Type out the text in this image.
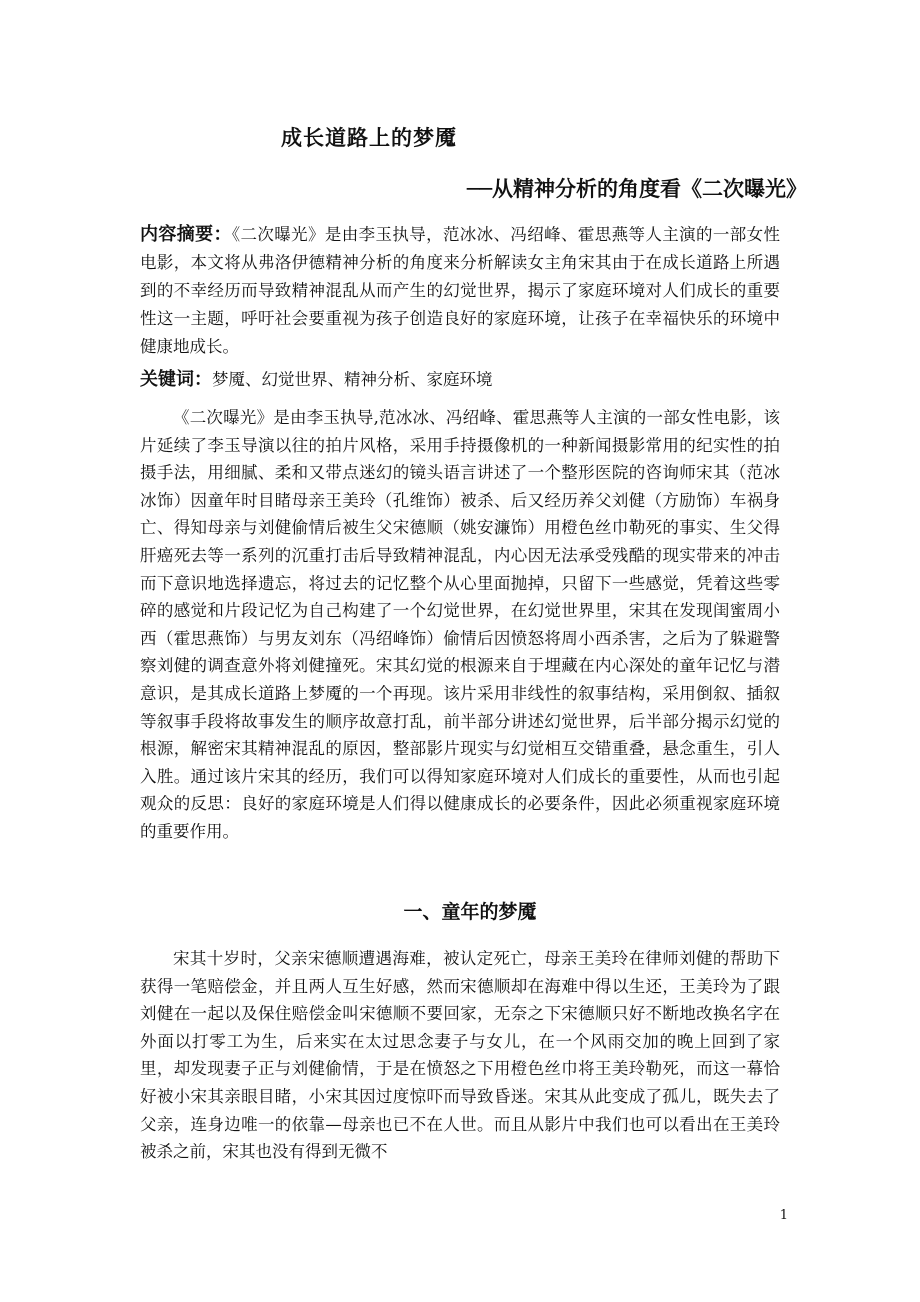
成长道路上的梦魇
──从精神分析的角度看《二次曝光》

内容摘要：《二次曝光》是由李玉执导，范冰冰、冯绍峰、霍思燕等人主演的一部女性电影，本文将从弗洛伊德精神分析的角度来分析解读女主角宋其由于在成长道路上所遇到的不幸经历而导致精神混乱从而产生的幻觉世界，揭示了家庭环境对人们成长的重要性这一主题，呼吁社会要重视为孩子创造良好的家庭环境，让孩子在幸福快乐的环境中健康地成长。

关键词：梦魇、幻觉世界、精神分析、家庭环境

《二次曝光》是由李玉执导,范冰冰、冯绍峰、霍思燕等人主演的一部女性电影，该片延续了李玉导演以往的拍片风格，采用手持摄像机的一种新闻摄影常用的纪实性的拍摄手法，用细腻、柔和又带点迷幻的镜头语言讲述了一个整形医院的咨询师宋其（范冰冰饰）因童年时目睹母亲王美玲（孔维饰）被杀、后又经历养父刘健（方励饰）车祸身亡、得知母亲与刘健偷情后被生父宋德顺（姚安濂饰）用橙色丝巾勒死的事实、生父得肝癌死去等一系列的沉重打击后导致精神混乱，内心因无法承受残酷的现实带来的冲击而下意识地选择遗忘，将过去的记忆整个从心里面抛掉，只留下一些感觉，凭着这些零碎的感觉和片段记忆为自己构建了一个幻觉世界，在幻觉世界里，宋其在发现闺蜜周小西（霍思燕饰）与男友刘东（冯绍峰饰）偷情后因愤怒将周小西杀害，之后为了躲避警察刘健的调查意外将刘健撞死。宋其幻觉的根源来自于埋藏在内心深处的童年记忆与潜意识，是其成长道路上梦魇的一个再现。该片采用非线性的叙事结构，采用倒叙、插叙等叙事手段将故事发生的顺序故意打乱，前半部分讲述幻觉世界，后半部分揭示幻觉的根源，解密宋其精神混乱的原因，整部影片现实与幻觉相互交错重叠，悬念重生，引人入胜。通过该片宋其的经历，我们可以得知家庭环境对人们成长的重要性，从而也引起观众的反思：良好的家庭环境是人们得以健康成长的必要条件，因此必须重视家庭环境的重要作用。

一、童年的梦魇

宋其十岁时，父亲宋德顺遭遇海难，被认定死亡，母亲王美玲在律师刘健的帮助下获得一笔赔偿金，并且两人互生好感，然而宋德顺却在海难中得以生还，王美玲为了跟刘健在一起以及保住赔偿金叫宋德顺不要回家，无奈之下宋德顺只好不断地改换名字在外面以打零工为生，后来实在太过思念妻子与女儿，在一个风雨交加的晚上回到了家里，却发现妻子正与刘健偷情，于是在愤怒之下用橙色丝巾将王美玲勒死，而这一幕恰好被小宋其亲眼目睹，小宋其因过度惊吓而导致昏迷。宋其从此变成了孤儿，既失去了父亲，连身边唯一的依靠—母亲也已不在人世。而且从影片中我们也可以看出在王美玲被杀之前，宋其也没有得到无微不

1
